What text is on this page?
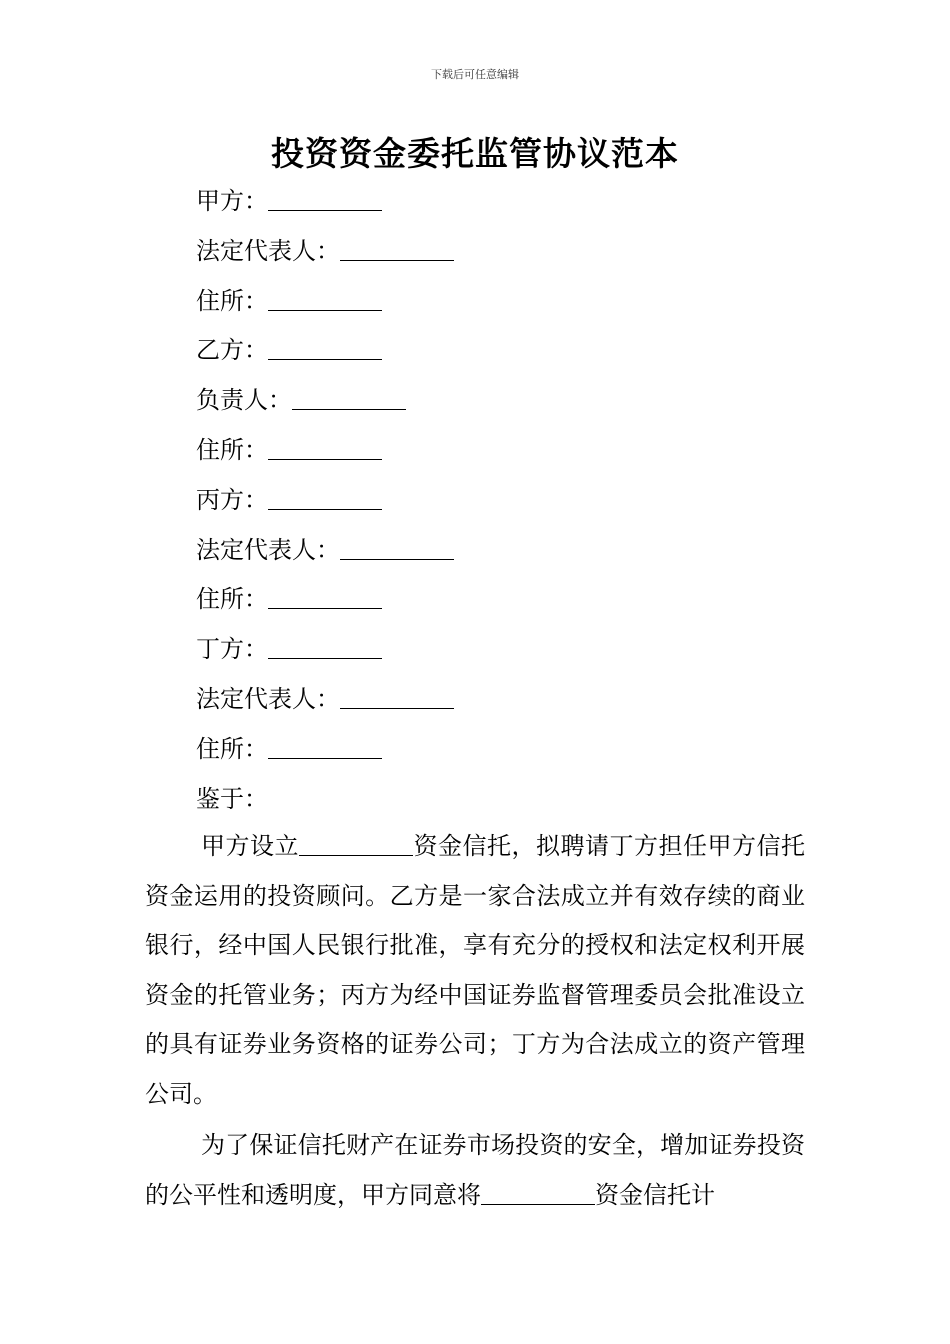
下载后可任意编辑
投资资金委托监管协议范本
甲方：
法定代表人：
住所：
乙方：
负责人：
住所：
丙方：
法定代表人：
住所：
丁方：
法定代表人：
住所：
鉴于：

甲方设立	资金信托，拟聘请丁方担任甲方信托资金运用的投资顾问。乙方是一家合法成立并有效存续的商业银行，经中国人民银行批准，享有充分的授权和法定权利开展资金的托管业务；丙方为经中国证券监督管理委员会批准设立的具有证券业务资格的证券公司；丁方为合法成立的资产管理公司。

为了保证信托财产在证券市场投资的安全，增加证券投资的公平性和透明度，甲方同意将	资金信托计
